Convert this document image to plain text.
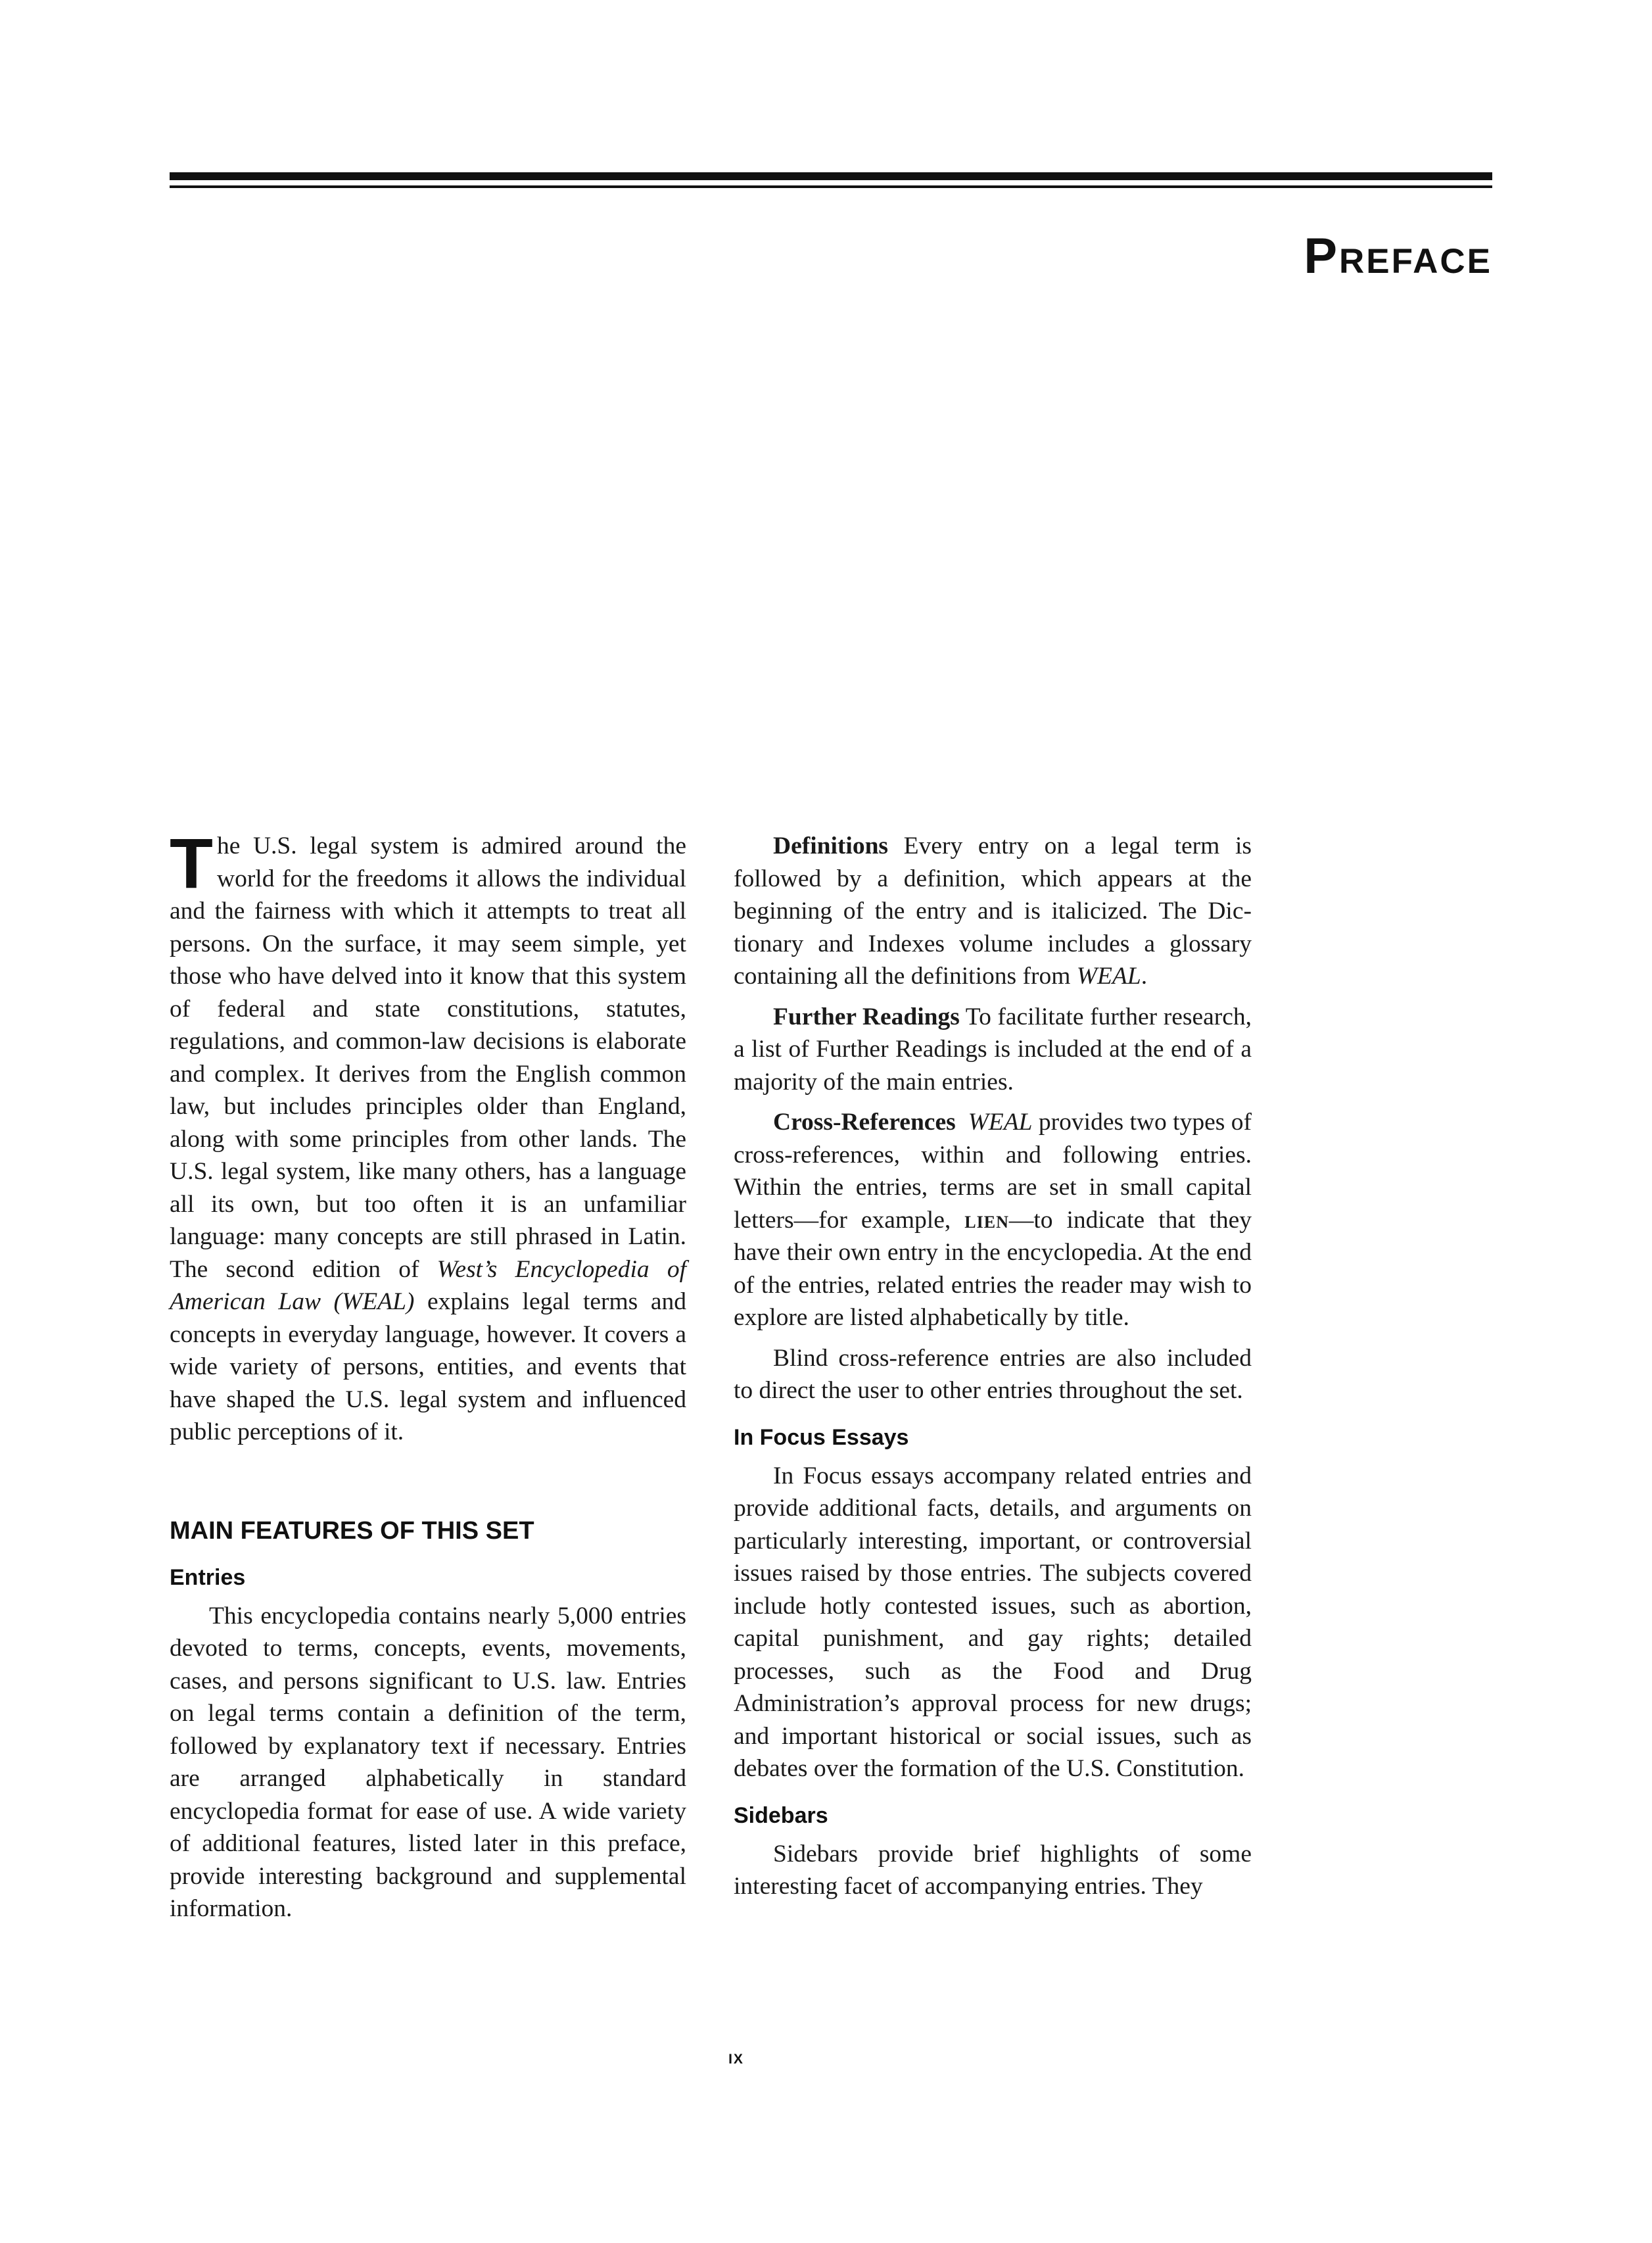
Preface

The U.S. legal system is admired around the world for the freedoms it allows the individual and the fairness with which it attempts to treat all persons. On the surface, it may seem simple, yet those who have delved into it know that this system of federal and state constitutions, statutes, regulations, and common-law decisions is elaborate and complex. It derives from the English common law, but includes principles older than England, along with some principles from other lands. The U.S. legal system, like many others, has a language all its own, but too often it is an unfamiliar language: many concepts are still phrased in Latin. The second edition of West’s Encyclopedia of American Law (WEAL) explains legal terms and concepts in everyday language, however. It covers a wide variety of persons, entities, and events that have shaped the U.S. legal system and influenced public perceptions of it.

MAIN FEATURES OF THIS SET
Entries

This encyclopedia contains nearly 5,000 entries devoted to terms, concepts, events, movements, cases, and persons significant to U.S. law. Entries on legal terms contain a definition of the term, followed by explanatory text if necessary. Entries are arranged alphabetically in standard encyclopedia format for ease of use. A wide variety of additional features, listed later in this preface, provide interesting background and supplemental information.

Definitions Every entry on a legal term is followed by a definition, which appears at the beginning of the entry and is italicized. The Dictionary and Indexes volume includes a glossary containing all the definitions from WEAL.

Further Readings To facilitate further research, a list of Further Readings is included at the end of a majority of the main entries.

Cross-References WEAL provides two types of cross-references, within and following entries. Within the entries, terms are set in small capital letters—for example, lien—to indicate that they have their own entry in the encyclopedia. At the end of the entries, related entries the reader may wish to explore are listed alphabetically by title.

Blind cross-reference entries are also included to direct the user to other entries throughout the set.

In Focus Essays

In Focus essays accompany related entries and provide additional facts, details, and arguments on particularly interesting, important, or controversial issues raised by those entries. The subjects covered include hotly contested issues, such as abortion, capital punishment, and gay rights; detailed processes, such as the Food and Drug Administration’s approval process for new drugs; and important historical or social issues, such as debates over the formation of the U.S. Constitution.

Sidebars

Sidebars provide brief highlights of some interesting facet of accompanying entries. They

ix
